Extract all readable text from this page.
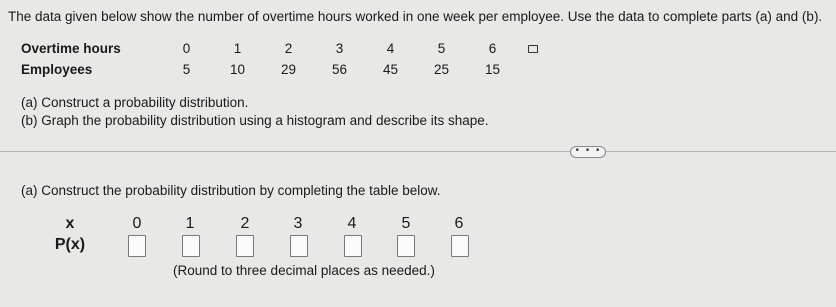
The data given below show the number of overtime hours worked in one week per employee. Use the data to complete parts (a) and (b).
Overtime hours	0	1	2	3	4	5	6	
Employees	5	10	29	56	45	25	15	
(a) Construct a probability distribution.
(b) Graph the probability distribution using a histogram and describe its shape.
• • •
(a) Construct the probability distribution by completing the table below.
x	0	1	2	3	4	5	6
P(x)
(Round to three decimal places as needed.)
